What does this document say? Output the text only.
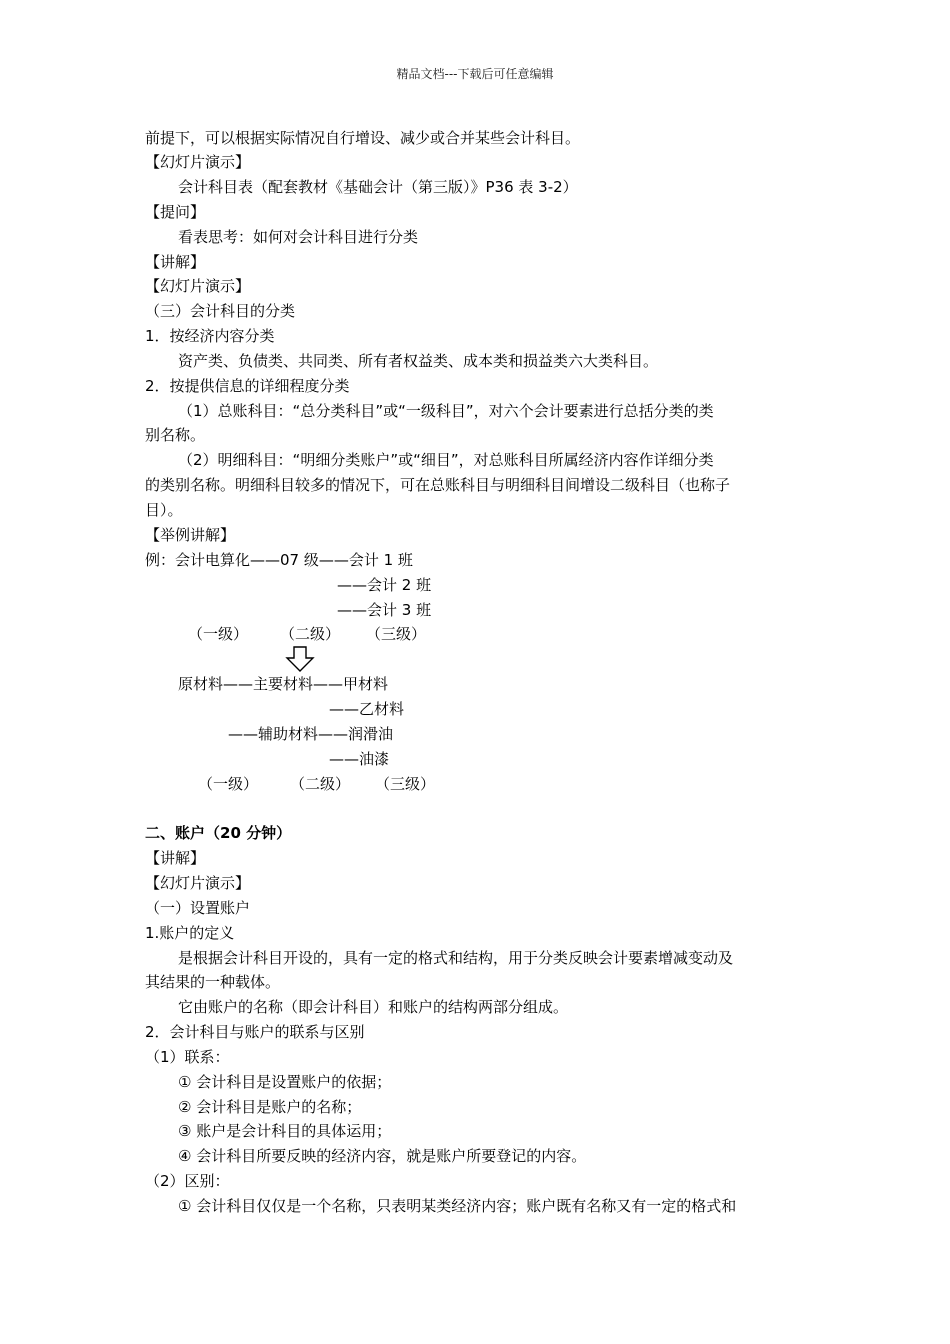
精品文档---下载后可任意编辑
前提下，可以根据实际情况自行增设、减少或合并某些会计科目。
【幻灯片演示】
会计科目表（配套教材《基础会计（第三版）》P36 表 3-2）
【提问】
看表思考：如何对会计科目进行分类
【讲解】
【幻灯片演示】
（三）会计科目的分类
1．按经济内容分类
资产类、负债类、共同类、所有者权益类、成本类和损益类六大类科目。
2．按提供信息的详细程度分类
（1）总账科目：“总分类科目”或“一级科目”，对六个会计要素进行总括分类的类
别名称。
（2）明细科目：“明细分类账户”或“细目”，对总账科目所属经济内容作详细分类
的类别名称。明细科目较多的情况下，可在总账科目与明细科目间增设二级科目（也称子
目）。
【举例讲解】
例：会计电算化——07 级——会计 1 班
——会计 2 班
——会计 3 班
（一级） （二级） （三级）
原材料——主要材料——甲材料
——乙材料
——辅助材料——润滑油
——油漆
（一级） （二级） （三级）
二、账户（20 分钟）
【讲解】
【幻灯片演示】
（一）设置账户
1.账户的定义
是根据会计科目开设的，具有一定的格式和结构，用于分类反映会计要素增减变动及
其结果的一种载体。
它由账户的名称（即会计科目）和账户的结构两部分组成。
2．会计科目与账户的联系与区别
（1）联系：
① 会计科目是设置账户的依据；
② 会计科目是账户的名称；
③ 账户是会计科目的具体运用；
④ 会计科目所要反映的经济内容，就是账户所要登记的内容。
（2）区别：
① 会计科目仅仅是一个名称，只表明某类经济内容；账户既有名称又有一定的格式和
